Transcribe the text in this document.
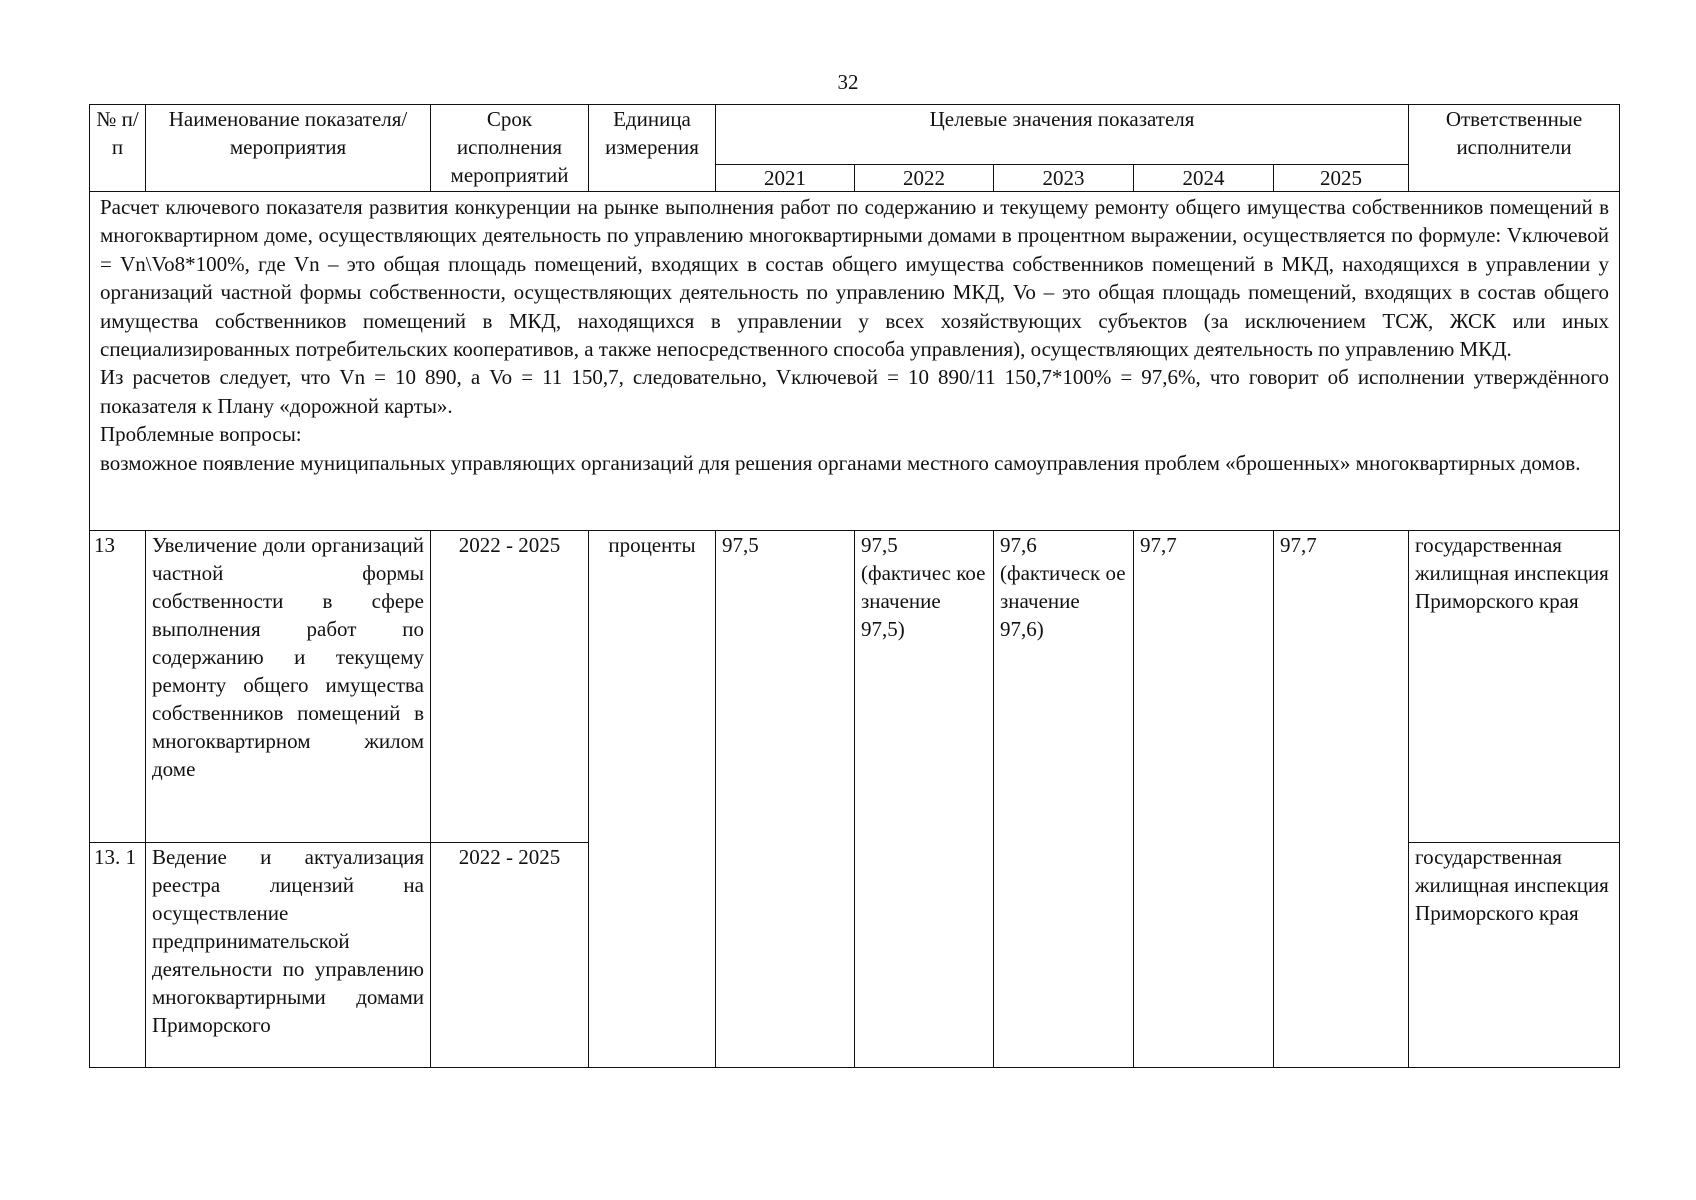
32
№ п/п	Наименование показателя/мероприятия	Срок исполнения мероприятий	Единица измерения	Целевые значения показателя					Ответственные исполнители
				2021	2022	2023	2024	2025	

Расчет ключевого показателя развития конкуренции на рынке выполнения работ по содержанию и текущему ремонту общего имущества собственников помещений в многоквартирном доме, осуществляющих деятельность по управлению многоквартирными домами в процентном выражении, осуществляется по формуле: Vключевой = Vn\Vo8*100%, где Vn – это общая площадь помещений, входящих в состав общего имущества собственников помещений в МКД, находящихся в управлении у организаций частной формы собственности, осуществляющих деятельность по управлению МКД, Vo – это общая площадь помещений, входящих в состав общего имущества собственников помещений в МКД, находящихся в управлении у всех хозяйствующих субъектов (за исключением ТСЖ, ЖСК или иных специализированных потребительских кооперативов, а также непосредственного способа управления), осуществляющих деятельность по управлению МКД.

Из расчетов следует, что Vn = 10 890, а Vo = 11 150,7, следовательно, Vключевой = 10 890/11 150,7*100% = 97,6%, что говорит об исполнении утверждённого показателя к Плану «дорожной карты».

Проблемные вопросы:

возможное появление муниципальных управляющих организаций для решения органами местного самоуправления проблем «брошенных» многоквартирных домов.									

13	Увеличение доли организаций частной формы собственности в сфере выполнения работ по содержанию и текущему ремонту общего имущества собственников помещений в многоквартирном жилом доме	2022 - 2025	проценты	97,5	97,5 (фактичес кое значение 97,5)	97,6 (фактическ ое значение 97,6)	97,7	97,7	государственная жилищная инспекция Приморского края
13. 1	Ведение и актуализация реестра лицензий на осуществление предпринимательской деятельности по управлению многоквартирными домами Приморского	2022 - 2025							государственная жилищная инспекция Приморского края
